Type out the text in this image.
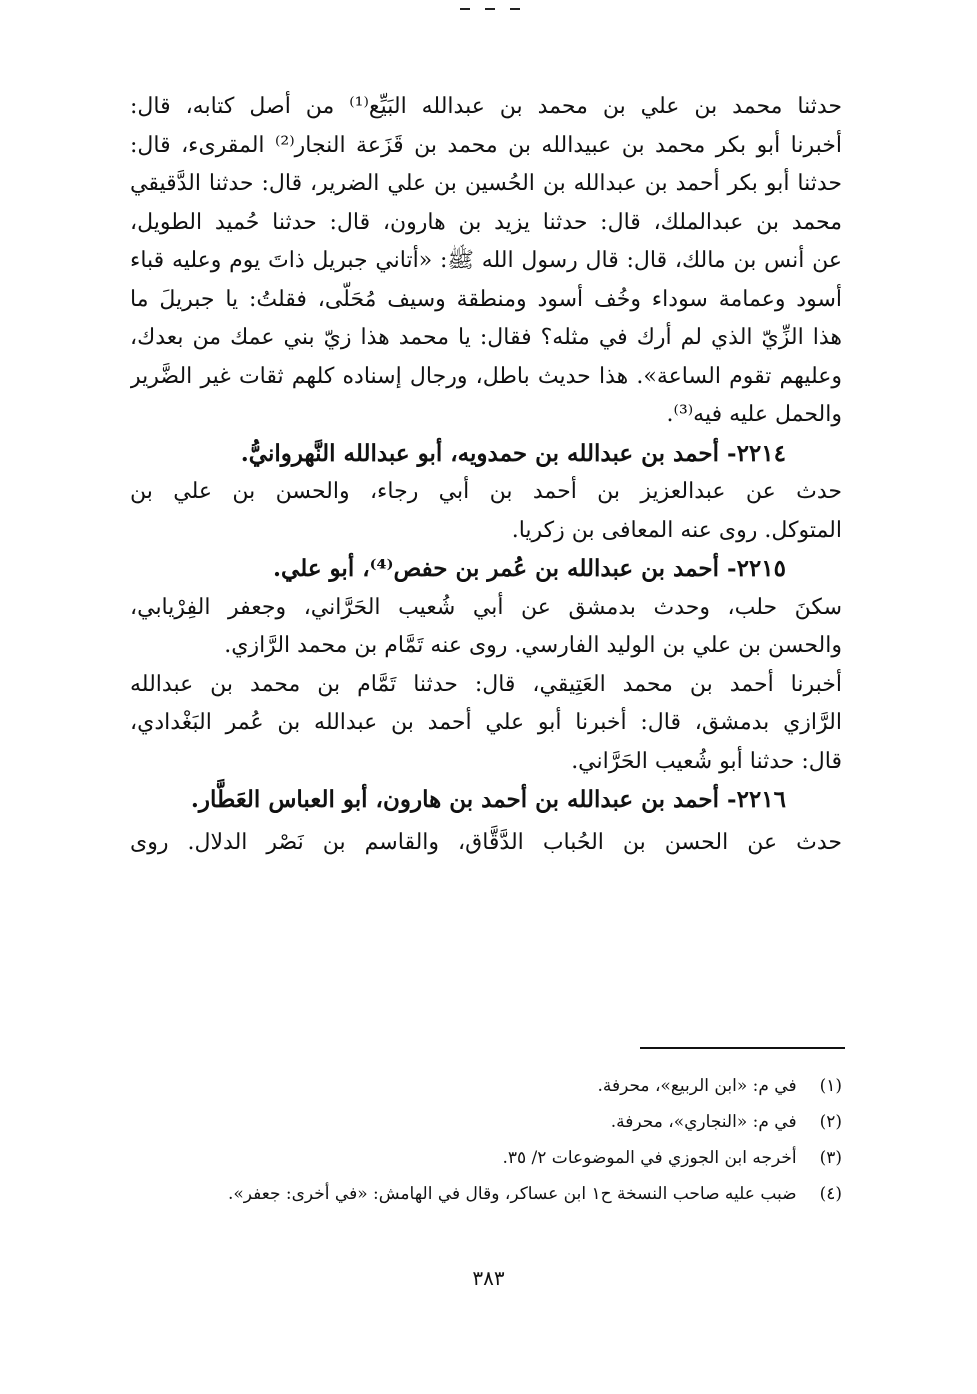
حدثنا محمد بن علي بن محمد بن عبدالله البَيِّع⁽¹⁾ من أصل كتابه، قال:
أخبرنا أبو بكر محمد بن عبيدالله بن محمد بن قَزَعة النجار⁽²⁾ المقرىء، قال:
حدثنا أبو بكر أحمد بن عبدالله بن الحُسين بن علي الضرير، قال: حدثنا الدَّقيقي
محمد بن عبدالملك، قال: حدثنا يزيد بن هارون، قال: حدثنا حُميد الطويل،
عن أنس بن مالك، قال: قال رسول الله ﷺ: «أتاني جبريل ذاتَ يوم وعليه قباء
أسود وعمامة سوداء وخُف أسود ومنطقة وسيف مُحَلّى، فقلتُ: يا جبريلَ ما
هذا الزِّيّ الذي لم أرك في مثله؟ فقال: يا محمد هذا زيّ بني عمك من بعدك،
وعليهم تقوم الساعة». هذا حديث باطل، ورجال إسناده كلهم ثقات غير الضَّرير
والحمل عليه فيه⁽³⁾.
٢٢١٤- أحمد بن عبدالله بن حمدويه، أبو عبدالله النَّهروانيُّ.
حدث عن عبدالعزيز بن أحمد بن أبي رجاء، والحسن بن علي بن
المتوكل. روى عنه المعافى بن زكريا.
٢٢١٥- أحمد بن عبدالله بن عُمر بن حفص⁽⁴⁾، أبو علي.
سكنَ حلب، وحدث بدمشق عن أبي شُعيب الحَرَّاني، وجعفر الفِرْيابي،
والحسن بن علي بن الوليد الفارسي. روى عنه تَمَّام بن محمد الرَّازي.
أخبرنا أحمد بن محمد العَتِيقي، قال: حدثنا تَمَّام بن محمد بن عبدالله
الرَّازي بدمشق، قال: أخبرنا أبو علي أحمد بن عبدالله بن عُمر البَغْدادي،
قال: حدثنا أبو شُعيب الحَرَّاني.
٢٢١٦- أحمد بن عبدالله بن أحمد بن هارون، أبو العباس العَطَّار.
حدث عن الحسن بن الحُباب الدَّقَّاق، والقاسم بن نَصْر الدلال. روى
(١) في م: «ابن الربيع»، محرفة.
(٢) في م: «النجاري»، محرفة.
(٣) أخرجه ابن الجوزي في الموضوعات ٢/ ٣٥.
(٤) ضبب عليه صاحب النسخة ح١ ابن عساكر، وقال في الهامش: «في أخرى: جعفر».
٣٨٣
